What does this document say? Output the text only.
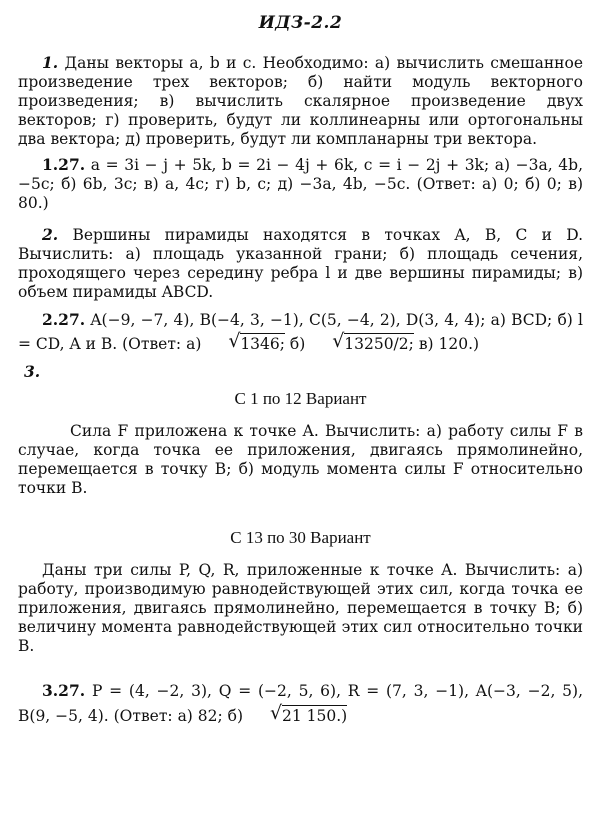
ИДЗ-2.2

1. Даны векторы a, b и c. Необходимо: а) вычислить смешанное произведение трех векторов; б) найти модуль векторного произведения; в) вычислить скалярное произведение двух векторов; г) проверить, будут ли коллинеарны или ортогональны два вектора; д) проверить, будут ли компланарны три вектора.

1.27. a = 3i − j + 5k, b = 2i − 4j + 6k, c = i − 2j + 3k; а) −3a, 4b, −5c; б) 6b, 3c; в) a, 4c; г) b, c; д) −3a, 4b, −5c. (Ответ: а) 0; б) 0; в) 80.)

2. Вершины пирамиды находятся в точках A, B, C и D. Вычислить: а) площадь указанной грани; б) площадь сечения, проходящего через середину ребра l и две вершины пирамиды; в) объем пирамиды ABCD.

2.27. A(−9, −7, 4), B(−4, 3, −1), C(5, −4, 2), D(3, 4, 4); а) BCD; б) l = CD, A и B. (Ответ: а)	√ 1346; б)	√ 13250/2; в) 120.)

3.
С 1 по 12 Вариант

Сила F приложена к точке A. Вычислить: а) работу силы F в случае, когда точка ее приложения, двигаясь прямолинейно, перемещается в точку B; б) модуль момента силы F относительно точки B.

С 13 по 30 Вариант

Даны три силы P, Q, R, приложенные к точке A. Вычислить: а) работу, производимую равнодействующей этих сил, когда точка ее приложения, двигаясь прямолинейно, перемещается в точку B; б) величину момента равнодействующей этих сил относительно точки B.

3.27. P = (4, −2, 3), Q = (−2, 5, 6), R = (7, 3, −1), A(−3, −2, 5), B(9, −5, 4). (Ответ: а) 82; б)	√ 21 150.)
